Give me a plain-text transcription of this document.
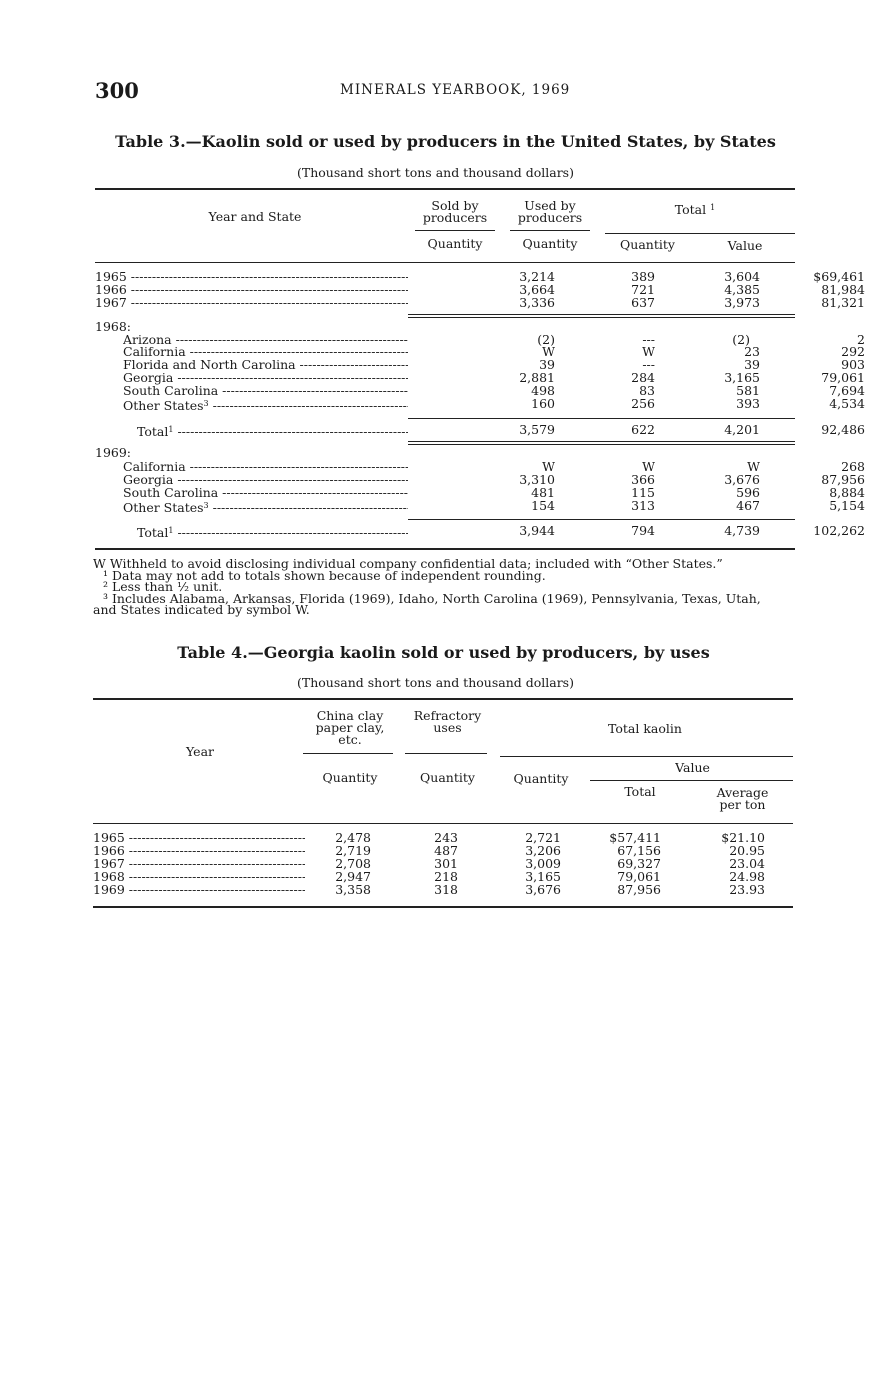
300	MINERALS YEARBOOK, 1969
Table 3.—Kaolin sold or used by producers in the United States, by States
(Thousand short tons and thousand dollars)
Year and State
Sold by
producers
Used by
producers
Total $^1$
Quantity	Quantity	Quantity	Value
1965 -----	3,214	389	3,604	$69,461
1966 -----	3,664	721	4,385	81,984
1967 -----	3,336	637	3,973	81,321
1968:
Arizona -----	(2)	---	(2)	2
California -----	W	W	23	292
Florida and North Carolina -----	39	---	39	903
Georgia -----	2,881	284	3,165	79,061
South Carolina -----	498	83	581	7,694
Other States$^3$ -----	160	256	393	4,534
Total$^1$ -----	3,579	622	4,201	92,486
1969:
California -----	W	W	W	268
Georgia -----	3,310	366	3,676	87,956
South Carolina -----	481	115	596	8,884
Other States$^3$ -----	154	313	467	5,154
Total$^1$ -----	3,944	794	4,739	102,262

W Withheld to avoid disclosing individual company confidential data; included with “Other States.”

¹ Data may not add to totals shown because of independent rounding.

² Less than ½ unit.

³ Includes Alabama, Arkansas, Florida (1969), Idaho, North Carolina (1969), Pennsylvania, Texas, Utah,

and States indicated by symbol W.

Table 4.—Georgia kaolin sold or used by producers, by uses
(Thousand short tons and thousand dollars)
Year
China clay
paper clay,
etc.
Refractory
uses	Total kaolin
Value
Quantity	Quantity	Quantity
Total	Average
per ton
1965 -----	2,478	243	2,721	$57,411	$21.10
1966 -----	2,719	487	3,206	67,156	20.95
1967 -----	2,708	301	3,009	69,327	23.04
1968 -----	2,947	218	3,165	79,061	24.98
1969 -----	3,358	318	3,676	87,956	23.93
